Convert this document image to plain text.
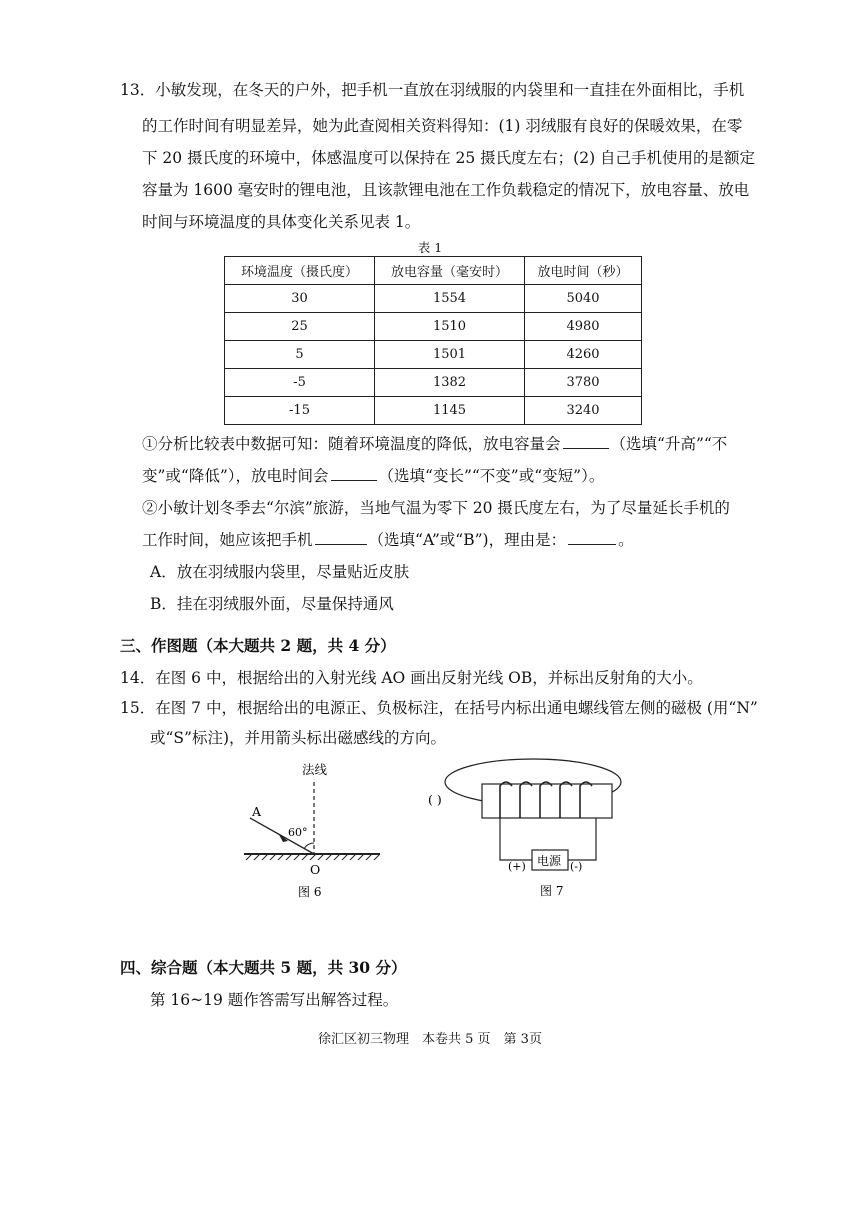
13．小敏发现，在冬天的户外，把手机一直放在羽绒服的内袋里和一直挂在外面相比，手机
的工作时间有明显差异，她为此查阅相关资料得知：(1) 羽绒服有良好的保暖效果，在零
下 20 摄氏度的环境中，体感温度可以保持在 25 摄氏度左右；(2) 自己手机使用的是额定
容量为 1600 毫安时的锂电池，且该款锂电池在工作负载稳定的情况下，放电容量、放电
时间与环境温度的具体变化关系见表 1。
表 1
环境温度（摄氏度）	放电容量（毫安时）	放电时间（秒）
30	1554	5040
25	1510	4980
5	1501	4260
-5	1382	3780
-15	1145	3240
①分析比较表中数据可知：随着环境温度的降低，放电容量会	（选填“升高”“不
变”或“降低”），放电时间会	（选填“变长”“不变”或“变短”）。
②小敏计划冬季去“尔滨”旅游，当地气温为零下 20 摄氏度左右，为了尽量延长手机的
工作时间，她应该把手机	（选填“A”或“B”)，理由是：	。
A．放在羽绒服内袋里，尽量贴近皮肤
B．挂在羽绒服外面，尽量保持通风
三、作图题（本大题共 2 题，共 4 分）
14．在图 6 中，根据给出的入射光线 AO 画出反射光线 OB，并标出反射角的大小。
15．在图 7 中，根据给出的电源正、负极标注，在括号内标出通电螺线管左侧的磁极 (用“N”
或“S”标注)，并用箭头标出磁感线的方向。
法线
A
60°
O
图 6
( )
电源
(+)	(-)
图 7
四、综合题（本大题共 5 题，共 30 分）
第 16~19 题作答需写出解答过程。
徐汇区初三物理　本卷共 5 页　第 3页
